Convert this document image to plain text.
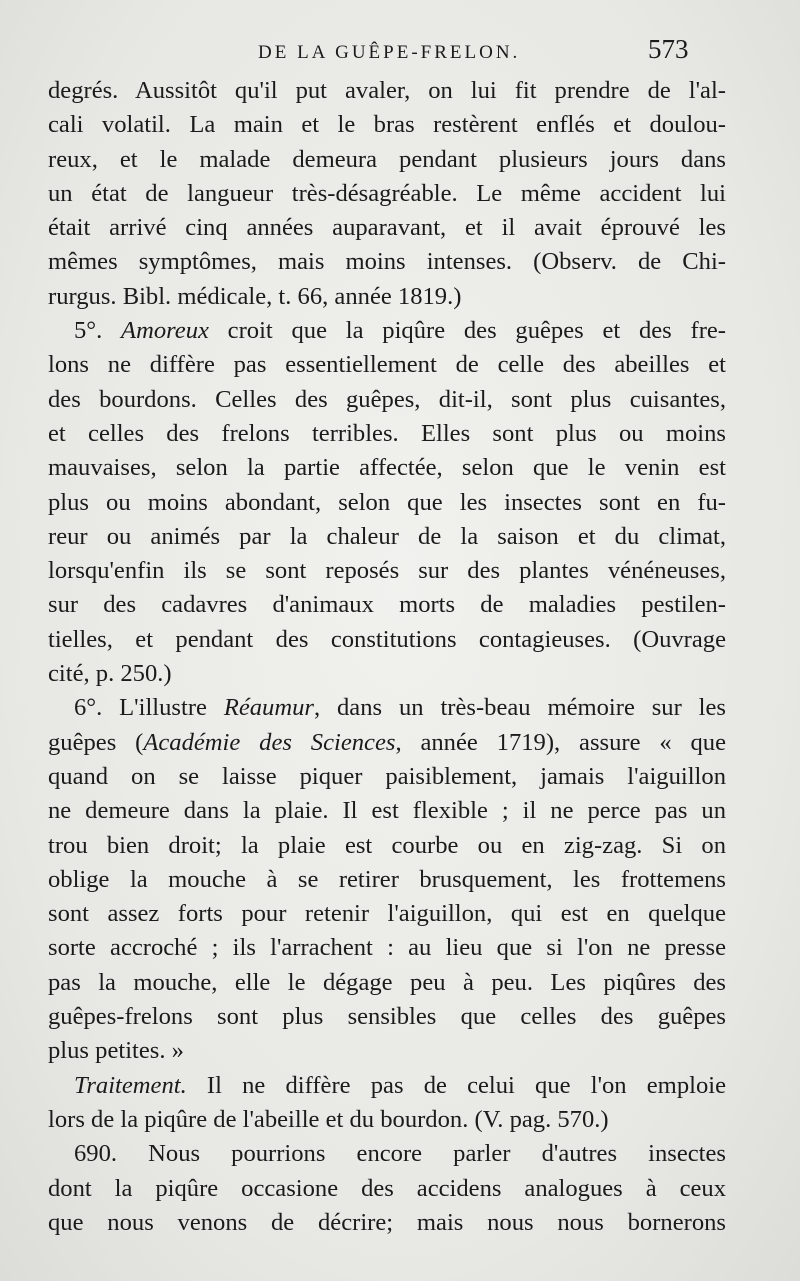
DE LA GUÊPE-FRELON.	573
degrés. Aussitôt qu'il put avaler, on lui fit prendre de l'al-
cali volatil. La main et le bras restèrent enflés et doulou-
reux, et le malade demeura pendant plusieurs jours dans
un état de langueur très-désagréable. Le même accident lui
était arrivé cinq années auparavant, et il avait éprouvé les
mêmes symptômes, mais moins intenses. (Observ. de Chi-
rurgus. Bibl. médicale, t. 66, année 1819.)
5°. Amoreux croit que la piqûre des guêpes et des fre-
lons ne diffère pas essentiellement de celle des abeilles et
des bourdons. Celles des guêpes, dit-il, sont plus cuisantes,
et celles des frelons terribles. Elles sont plus ou moins
mauvaises, selon la partie affectée, selon que le venin est
plus ou moins abondant, selon que les insectes sont en fu-
reur ou animés par la chaleur de la saison et du climat,
lorsqu'enfin ils se sont reposés sur des plantes vénéneuses,
sur des cadavres d'animaux morts de maladies pestilen-
tielles, et pendant des constitutions contagieuses. (Ouvrage
cité, p. 250.)
6°. L'illustre Réaumur, dans un très-beau mémoire sur les
guêpes (Académie des Sciences, année 1719), assure « que
quand on se laisse piquer paisiblement, jamais l'aiguillon
ne demeure dans la plaie. Il est flexible ; il ne perce pas un
trou bien droit; la plaie est courbe ou en zig-zag. Si on
oblige la mouche à se retirer brusquement, les frottemens
sont assez forts pour retenir l'aiguillon, qui est en quelque
sorte accroché ; ils l'arrachent : au lieu que si l'on ne presse
pas la mouche, elle le dégage peu à peu. Les piqûres des
guêpes-frelons sont plus sensibles que celles des guêpes
plus petites. »
Traitement. Il ne diffère pas de celui que l'on emploie
lors de la piqûre de l'abeille et du bourdon. (V. pag. 570.)
690. Nous pourrions encore parler d'autres insectes
dont la piqûre occasione des accidens analogues à ceux
que nous venons de décrire; mais nous nous bornerons
